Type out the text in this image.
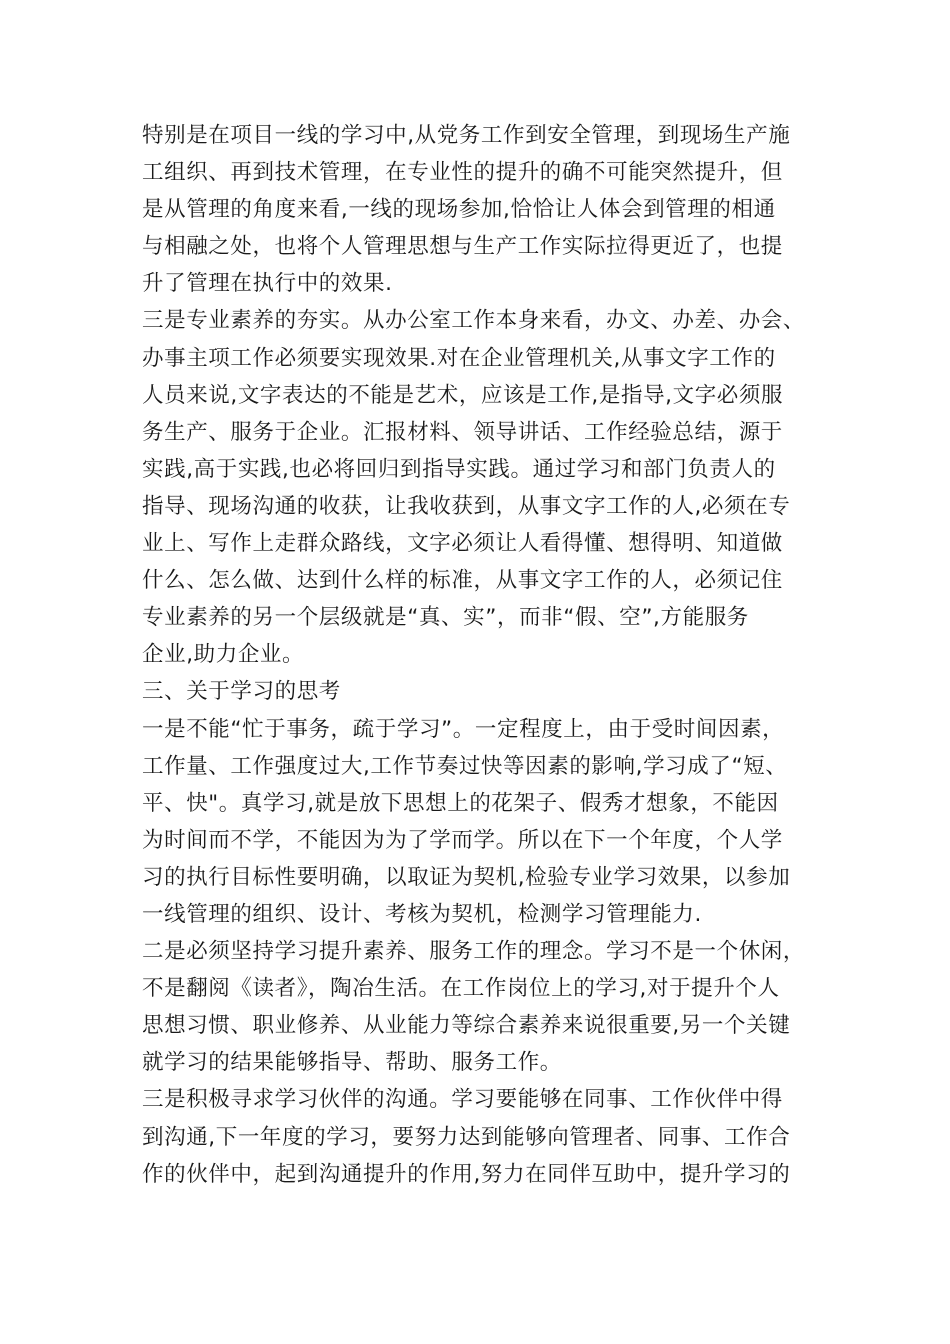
特别是在项目一线的学习中,从党务工作到安全管理，到现场生产施
工组织、再到技术管理，在专业性的提升的确不可能突然提升，但
是从管理的角度来看,一线的现场参加,恰恰让人体会到管理的相通
与相融之处，也将个人管理思想与生产工作实际拉得更近了，也提
升了管理在执行中的效果.
三是专业素养的夯实。从办公室工作本身来看，办文、办差、办会、
办事主项工作必须要实现效果.对在企业管理机关,从事文字工作的
人员来说,文字表达的不能是艺术，应该是工作,是指导,文字必须服
务生产、服务于企业。汇报材料、领导讲话、工作经验总结，源于
实践,高于实践,也必将回归到指导实践。通过学习和部门负责人的
指导、现场沟通的收获，让我收获到，从事文字工作的人,必须在专
业上、写作上走群众路线，文字必须让人看得懂、想得明、知道做
什么、怎么做、达到什么样的标准，从事文字工作的人，必须记住
专业素养的另一个层级就是“真、实”，而非“假、空”,方能服务
企业,助力企业。
三、关于学习的思考
一是不能“忙于事务，疏于学习”。一定程度上，由于受时间因素，
工作量、工作强度过大,工作节奏过快等因素的影响,学习成了“短、
平、快"。真学习,就是放下思想上的花架子、假秀才想象，不能因
为时间而不学，不能因为为了学而学。所以在下一个年度，个人学
习的执行目标性要明确，以取证为契机,检验专业学习效果，以参加
一线管理的组织、设计、考核为契机，检测学习管理能力.
二是必须坚持学习提升素养、服务工作的理念。学习不是一个休闲，
不是翻阅《读者》，陶冶生活。在工作岗位上的学习,对于提升个人
思想习惯、职业修养、从业能力等综合素养来说很重要,另一个关键
就学习的结果能够指导、帮助、服务工作。
三是积极寻求学习伙伴的沟通。学习要能够在同事、工作伙伴中得
到沟通,下一年度的学习，要努力达到能够向管理者、同事、工作合
作的伙伴中，起到沟通提升的作用,努力在同伴互助中，提升学习的
